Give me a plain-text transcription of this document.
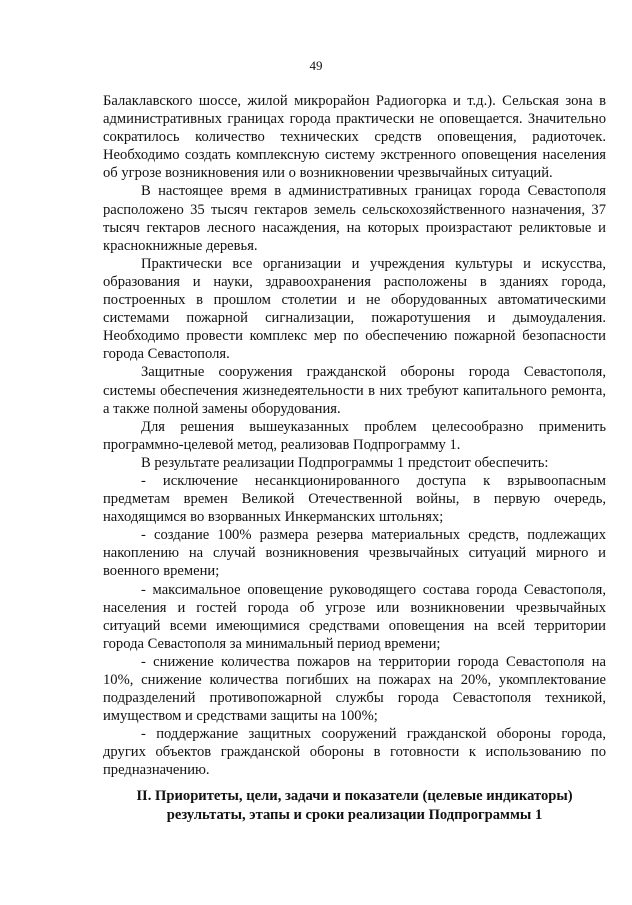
49

Балаклавского шоссе, жилой микрорайон Радиогорка и т.д.). Сельская зона в административных границах города практически не оповещается. Значительно сократилось количество технических средств оповещения, радиоточек. Необходимо создать комплексную систему экстренного оповещения населения об угрозе возникновения или о возникновении чрезвычайных ситуаций.

В настоящее время в административных границах города Севастополя расположено 35 тысяч гектаров земель сельскохозяйственного назначения, 37 тысяч гектаров лесного насаждения, на которых произрастают реликтовые и краснокнижные деревья.

Практически все организации и учреждения культуры и искусства, образования и науки, здравоохранения расположены в зданиях города, построенных в прошлом столетии и не оборудованных автоматическими системами пожарной сигнализации, пожаротушения и дымоудаления. Необходимо провести комплекс мер по обеспечению пожарной безопасности города Севастополя.

Защитные сооружения гражданской обороны города Севастополя, системы обеспечения жизнедеятельности в них требуют капитального ремонта, а также полной замены оборудования.

Для решения вышеуказанных проблем целесообразно применить программно-целевой метод, реализовав Подпрограмму 1.

В результате реализации Подпрограммы 1 предстоит обеспечить:

- исключение несанкционированного доступа к взрывоопасным предметам времен Великой Отечественной войны, в первую очередь, находящимся во взорванных Инкерманских штольнях;

- создание 100% размера резерва материальных средств, подлежащих накоплению на случай возникновения чрезвычайных ситуаций мирного и военного времени;

- максимальное оповещение руководящего состава города Севастополя, населения и гостей города об угрозе или возникновении чрезвычайных ситуаций всеми имеющимися средствами оповещения на всей территории города Севастополя за минимальный период времени;

- снижение количества пожаров на территории города Севастополя на 10%, снижение количества погибших на пожарах на 20%, укомплектование подразделений противопожарной службы города Севастополя техникой, имуществом и средствами защиты на 100%;

- поддержание защитных сооружений гражданской обороны города, других объектов гражданской обороны в готовности к использованию по предназначению.

II. Приоритеты, цели, задачи и показатели (целевые индикаторы)
результаты, этапы и сроки реализации Подпрограммы 1
